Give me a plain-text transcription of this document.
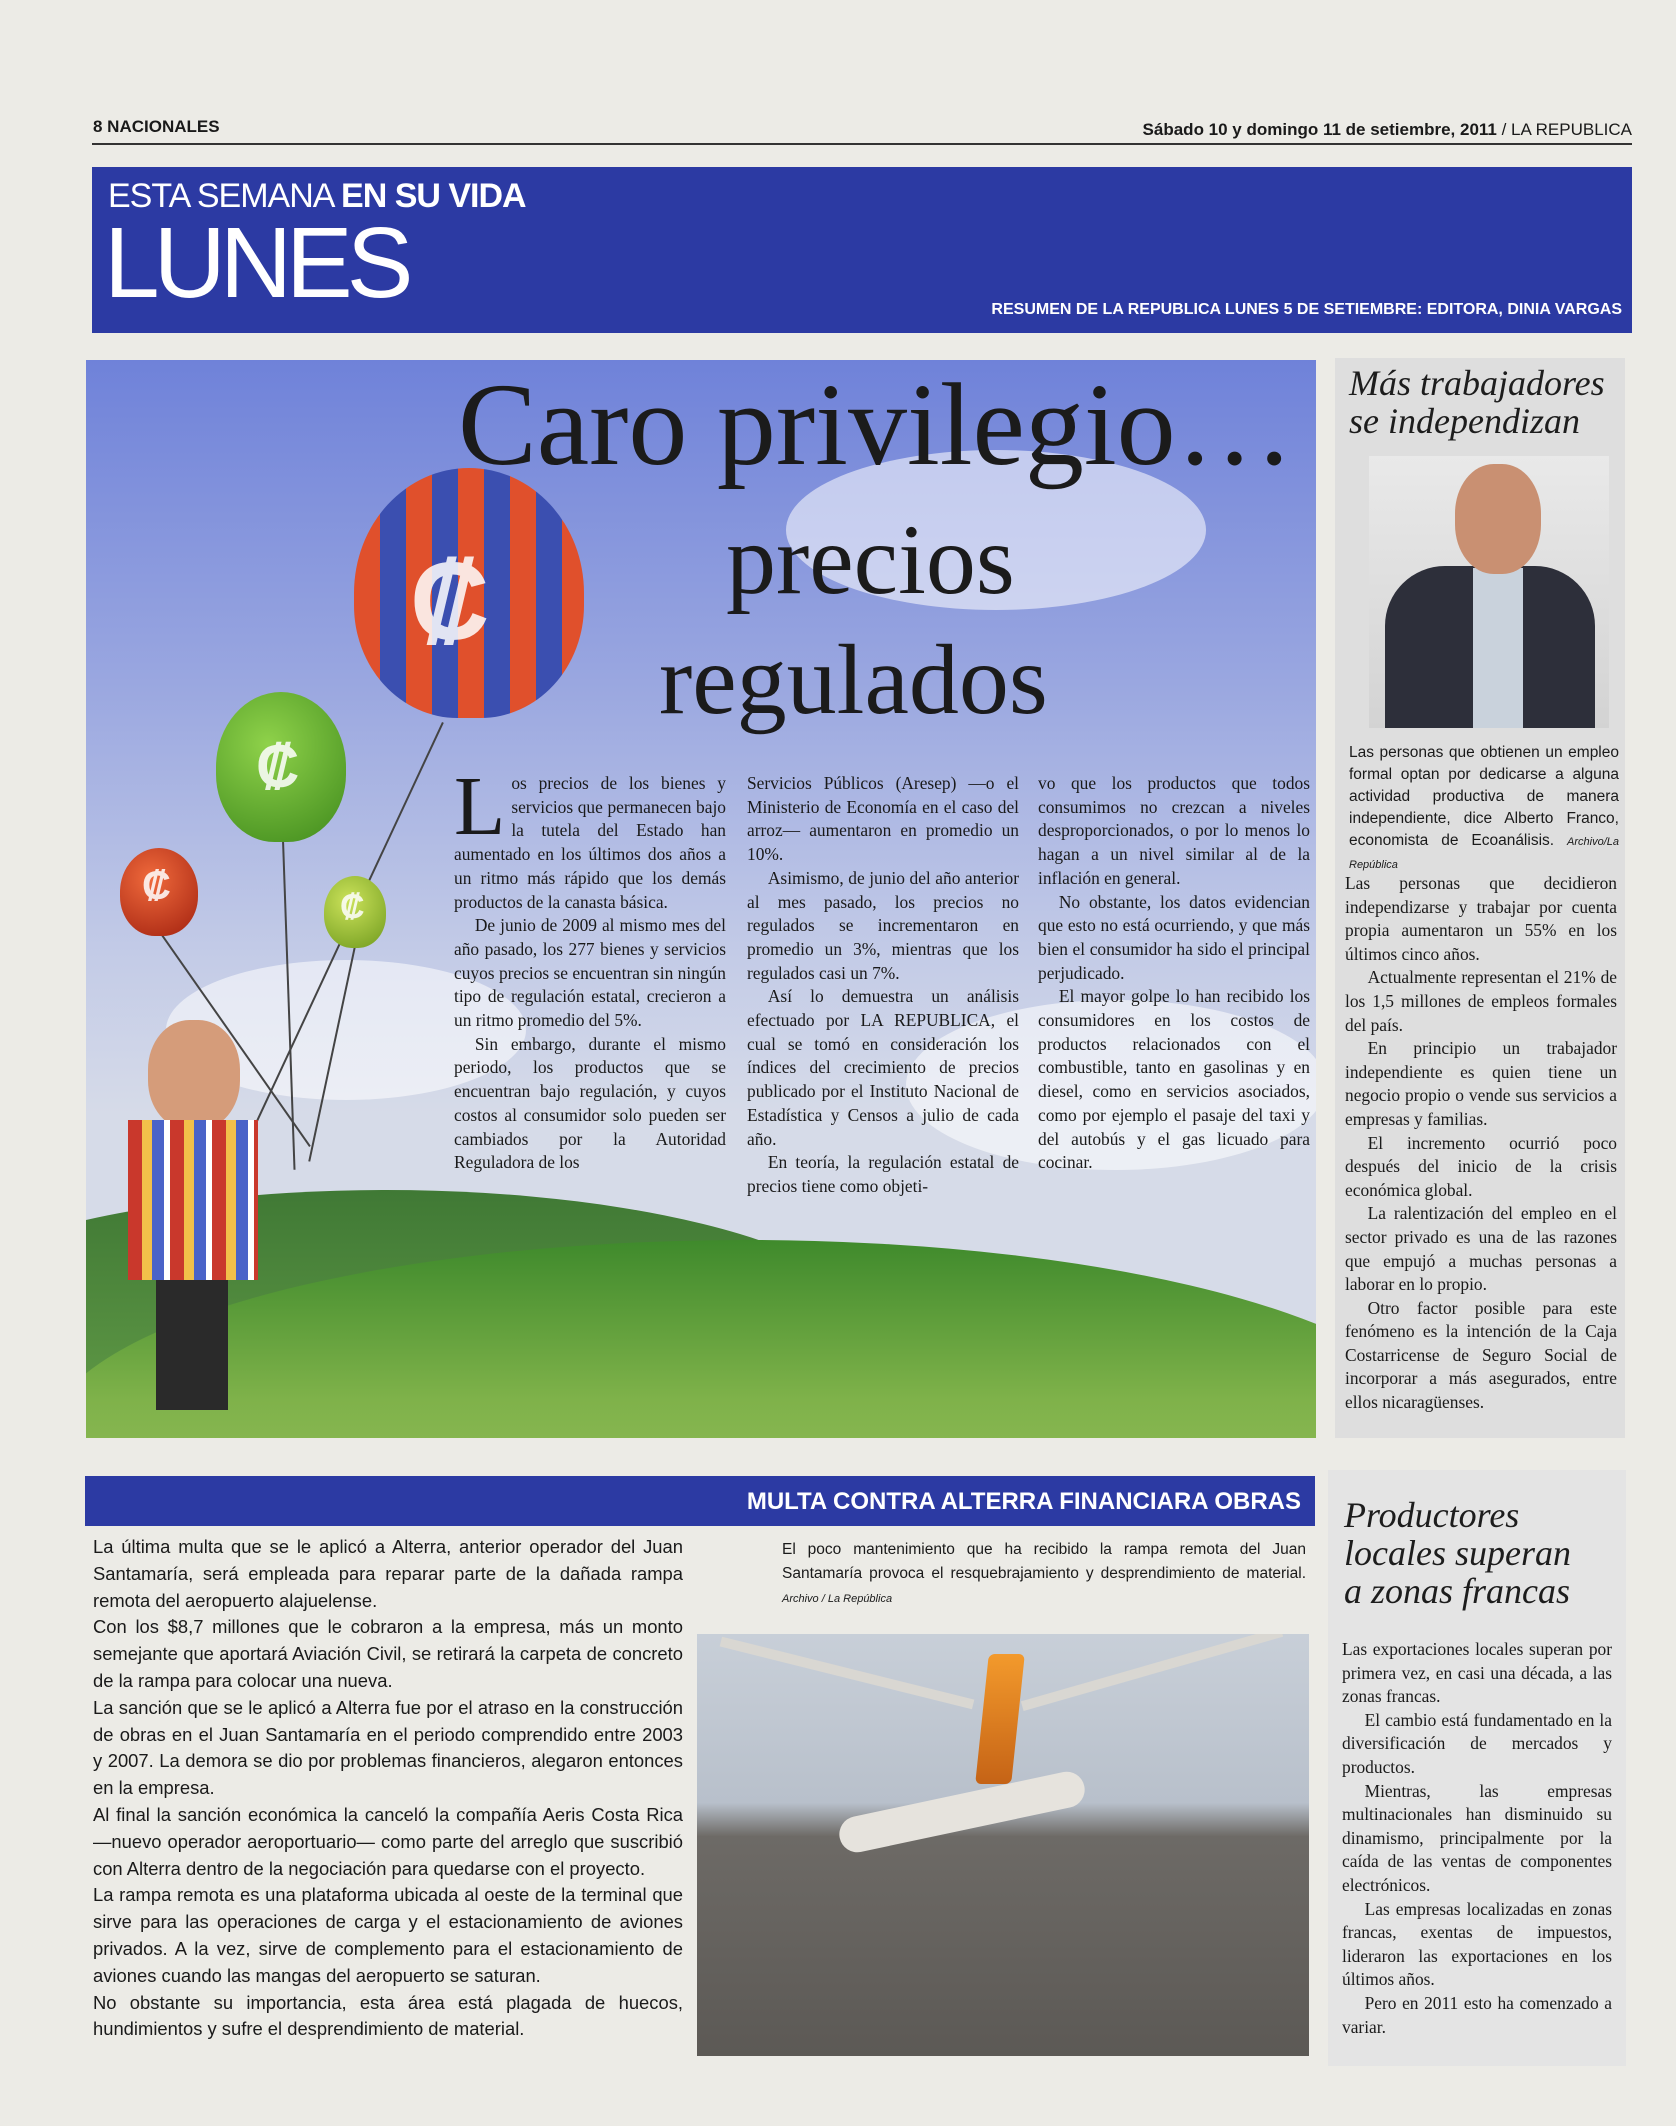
8 NACIONALES	Sábado 10 y domingo 11 de setiembre, 2011 / LA REPUBLICA
ESTA SEMANA EN SU VIDA
LUNES	RESUMEN DE LA REPUBLICA LUNES 5 DE SETIEMBRE: EDITORA, DINIA VARGAS
₡
₡
₡	₡
Caro privilegio…
precios
regulados

Los precios de los bienes y servicios que permanecen bajo la tutela del Estado han aumentado en los últimos dos años a un ritmo más rápido que los demás productos de la canasta básica.

De junio de 2009 al mismo mes del año pasado, los 277 bienes y servicios cuyos precios se encuentran sin ningún tipo de regulación estatal, crecieron a un ritmo promedio del 5%.

Sin embargo, durante el mismo periodo, los productos que se encuentran bajo regulación, y cuyos costos al consumidor solo pueden ser cambiados por la Autoridad Reguladora de los

Servicios Públicos (Aresep) —o el Ministerio de Economía en el caso del arroz— aumentaron en promedio un 10%.

Asimismo, de junio del año anterior al mes pasado, los precios no regulados se incrementaron en promedio un 3%, mientras que los regulados casi un 7%.

Así lo demuestra un análisis efectuado por LA REPUBLICA, el cual se tomó en consideración los índices del crecimiento de precios publicado por el Instituto Nacional de Estadística y Censos a julio de cada año.

En teoría, la regulación estatal de precios tiene como objeti-

vo que los productos que todos consumimos no crezcan a niveles desproporcionados, o por lo menos lo hagan a un nivel similar al de la inflación en general.

No obstante, los datos evidencian que esto no está ocurriendo, y que más bien el consumidor ha sido el principal perjudicado.

El mayor golpe lo han recibido los consumidores en los costos de productos relacionados con el combustible, tanto en gasolinas y en diesel, como en servicios asociados, como por ejemplo el pasaje del taxi y del autobús y el gas licuado para cocinar.

Más trabajadores
se independizan
Las personas que obtienen un empleo formal optan por dedicarse a alguna actividad productiva de manera independiente, dice Alberto Franco, economista de Ecoanálisis. Archivo/La República

Las personas que decidieron independizarse y trabajar por cuenta propia aumentaron un 55% en los últimos cinco años.

Actualmente representan el 21% de los 1,5 millones de empleos formales del país.

En principio un trabajador independiente es quien tiene un negocio propio o vende sus servicios a empresas y familias.

El incremento ocurrió poco después del inicio de la crisis económica global.

La ralentización del empleo en el sector privado es una de las razones que empujó a muchas personas a laborar en lo propio.

Otro factor posible para este fenómeno es la intención de la Caja Costarricense de Seguro Social de incorporar a más asegurados, entre ellos nicaragüenses.

MULTA CONTRA ALTERRA FINANCIARA OBRAS

La última multa que se le aplicó a Alterra, anterior operador del Juan Santamaría, será empleada para reparar parte de la dañada rampa remota del aeropuerto alajuelense.

Con los $8,7 millones que le cobraron a la empresa, más un monto semejante que aportará Aviación Civil, se retirará la carpeta de concreto de la rampa para colocar una nueva.

La sanción que se le aplicó a Alterra fue por el atraso en la construcción de obras en el Juan Santamaría en el periodo comprendido entre 2003 y 2007. La demora se dio por problemas financieros, alegaron entonces en la empresa.

Al final la sanción económica la canceló la compañía Aeris Costa Rica —nuevo operador aeroportuario— como parte del arreglo que suscribió con Alterra dentro de la negociación para quedarse con el proyecto.

La rampa remota es una plataforma ubicada al oeste de la terminal que sirve para las operaciones de carga y el estacionamiento de aviones privados. A la vez, sirve de complemento para el estacionamiento de aviones cuando las mangas del aeropuerto se saturan.

No obstante su importancia, esta área está plagada de huecos, hundimientos y sufre el desprendimiento de material.

El poco mantenimiento que ha recibido la rampa remota del Juan Santamaría provoca el resquebrajamiento y desprendimiento de material. Archivo / La República
Productores
locales superan
a zonas francas

Las exportaciones locales superan por primera vez, en casi una década, a las zonas francas.

El cambio está fundamentado en la diversificación de mercados y productos.

Mientras, las empresas multinacionales han disminuido su dinamismo, principalmente por la caída de las ventas de componentes electrónicos.

Las empresas localizadas en zonas francas, exentas de impuestos, lideraron las exportaciones en los últimos años.

Pero en 2011 esto ha comenzado a variar.
